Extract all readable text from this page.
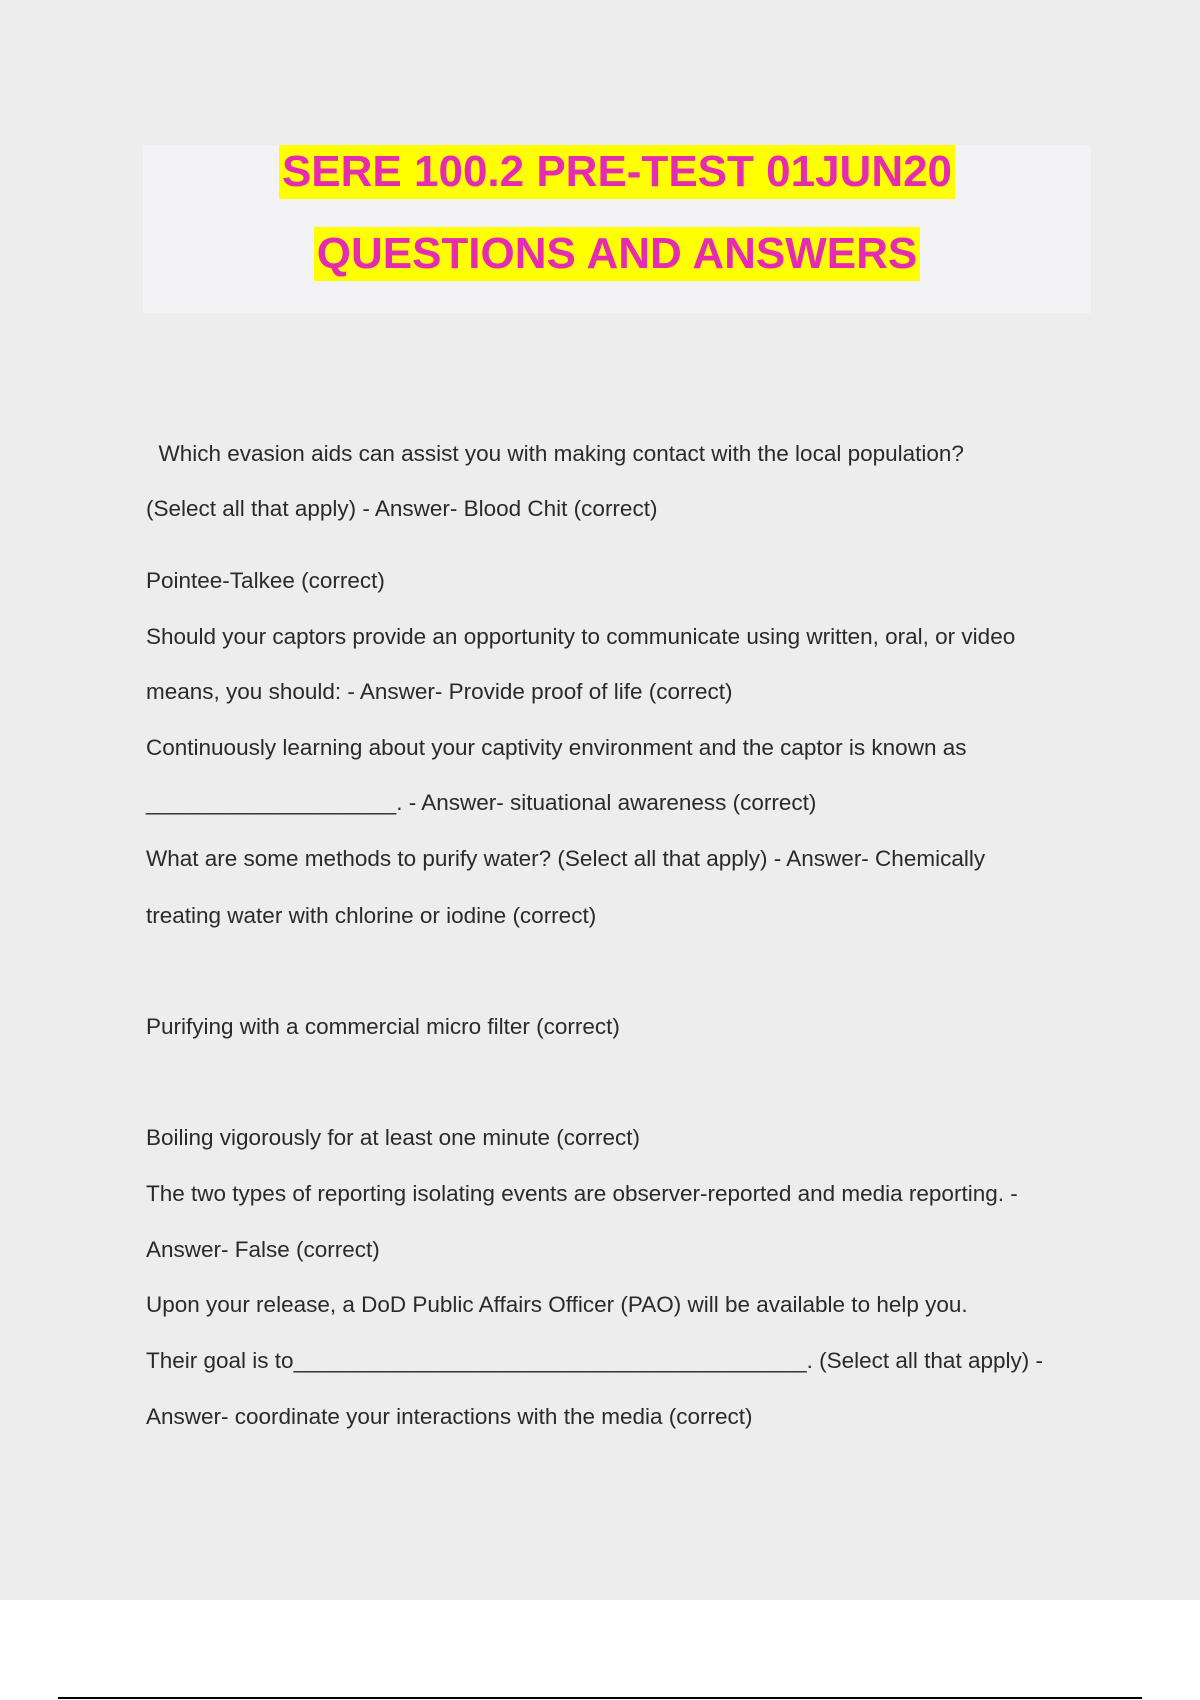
SERE 100.2 PRE-TEST 01JUN20
QUESTIONS AND ANSWERS
Which evasion aids can assist you with making contact with the local population?
(Select all that apply) - Answer- Blood Chit (correct)
Pointee-Talkee (correct)
Should your captors provide an opportunity to communicate using written, oral, or video
means, you should: - Answer- Provide proof of life (correct)
Continuously learning about your captivity environment and the captor is known as
____________________. - Answer- situational awareness (correct)
What are some methods to purify water? (Select all that apply) - Answer- Chemically
treating water with chlorine or iodine (correct)
Purifying with a commercial micro filter (correct)
Boiling vigorously for at least one minute (correct)
The two types of reporting isolating events are observer-reported and media reporting. -
Answer- False (correct)
Upon your release, a DoD Public Affairs Officer (PAO) will be available to help you.
Their goal is to_________________________________________. (Select all that apply) -
Answer- coordinate your interactions with the media (correct)
